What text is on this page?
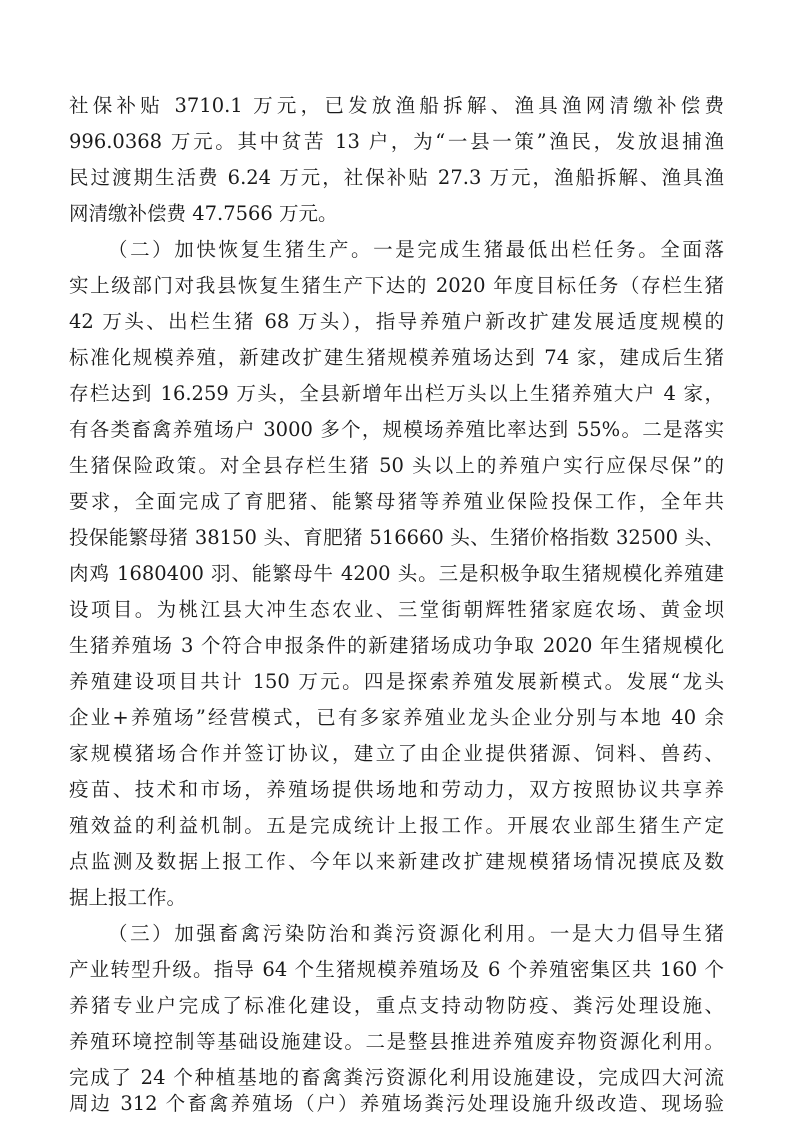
社保补贴 3710.1 万元，已发放渔船拆解、渔具渔网清缴补偿费
996.0368 万元。其中贫苦 13 户，为“一县一策”渔民，发放退捕渔
民过渡期生活费 6.24 万元，社保补贴 27.3 万元，渔船拆解、渔具渔
网清缴补偿费 47.7566 万元。
（二）加快恢复生猪生产。一是完成生猪最低出栏任务。全面落
实上级部门对我县恢复生猪生产下达的 2020 年度目标任务（存栏生猪
42 万头、出栏生猪 68 万头），指导养殖户新改扩建发展适度规模的
标准化规模养殖，新建改扩建生猪规模养殖场达到 74 家，建成后生猪
存栏达到 16.259 万头，全县新增年出栏万头以上生猪养殖大户 4 家，
有各类畜禽养殖场户 3000 多个，规模场养殖比率达到 55%。二是落实
生猪保险政策。对全县存栏生猪 50 头以上的养殖户实行应保尽保”的
要求，全面完成了育肥猪、能繁母猪等养殖业保险投保工作，全年共
投保能繁母猪 38150 头、育肥猪 516660 头、生猪价格指数 32500 头、
肉鸡 1680400 羽、能繁母牛 4200 头。三是积极争取生猪规模化养殖建
设项目。为桃江县大冲生态农业、三堂街朝辉牲猪家庭农场、黄金坝
生猪养殖场 3 个符合申报条件的新建猪场成功争取 2020 年生猪规模化
养殖建设项目共计 150 万元。四是探索养殖发展新模式。发展“龙头
企业+养殖场”经营模式，已有多家养殖业龙头企业分别与本地 40 余
家规模猪场合作并签订协议，建立了由企业提供猪源、饲料、兽药、
疫苗、技术和市场，养殖场提供场地和劳动力，双方按照协议共享养
殖效益的利益机制。五是完成统计上报工作。开展农业部生猪生产定
点监测及数据上报工作、今年以来新建改扩建规模猪场情况摸底及数
据上报工作。
（三）加强畜禽污染防治和粪污资源化利用。一是大力倡导生猪
产业转型升级。指导 64 个生猪规模养殖场及 6 个养殖密集区共 160 个
养猪专业户完成了标准化建设，重点支持动物防疫、粪污处理设施、
养殖环境控制等基础设施建设。二是整县推进养殖废弃物资源化利用。
完成了 24 个种植基地的畜禽粪污资源化利用设施建设，完成四大河流
周边 312 个畜禽养殖场（户）养殖场粪污处理设施升级改造、现场验
